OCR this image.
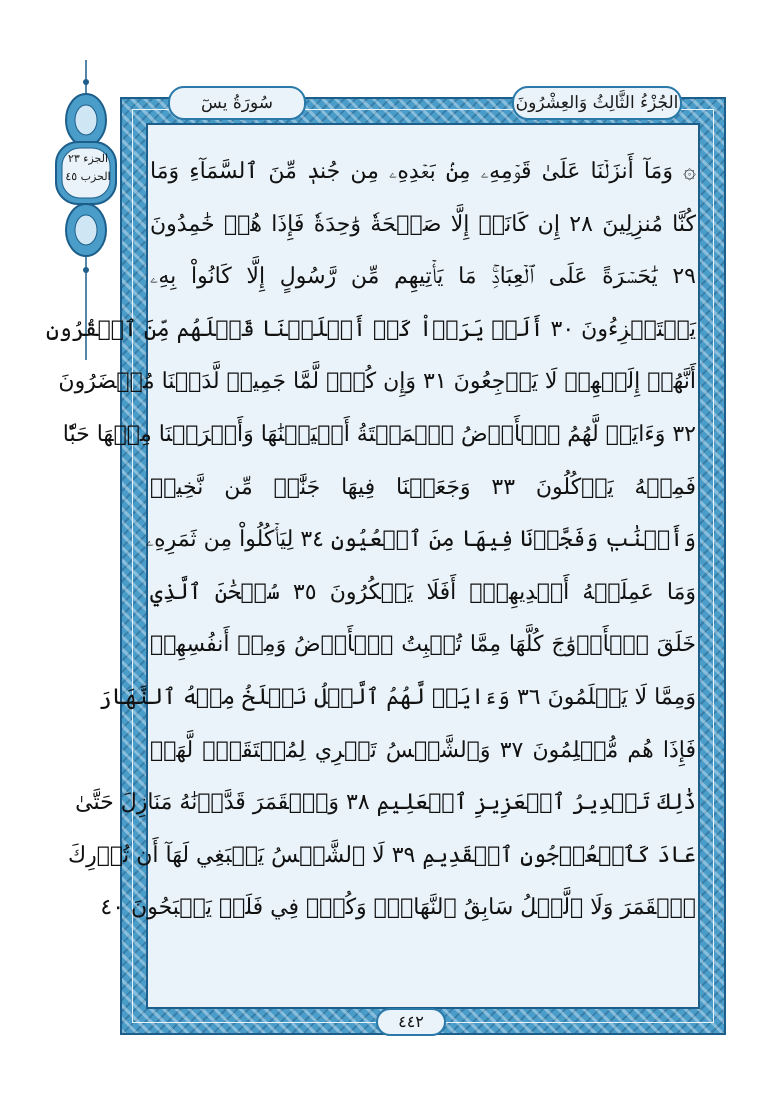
الجزء ٢٣
الحزب ٤٥
سُورَةُ يسٓ	الجُزْءُ الثَّالِثُ وَالعِشْرُونَ
۞ وَمَآ أَنزَلۡنَا عَلَىٰ قَوۡمِهِۦ مِنۢ بَعۡدِهِۦ مِن جُندٖ مِّنَ ٱلسَّمَآءِ وَمَا
كُنَّا مُنزِلِينَ ٢٨ إِن كَانَتۡ إِلَّا صَيۡحَةٗ وَٰحِدَةٗ فَإِذَا هُمۡ خَٰمِدُونَ
٢٩ يَٰحَسۡرَةً عَلَى ٱلۡعِبَادِۚ مَا يَأۡتِيهِم مِّن رَّسُولٍ إِلَّا كَانُواْ بِهِۦ
يَسۡتَهۡزِءُونَ ٣٠ أَلَمۡ يَرَوۡاْ كَمۡ أَهۡلَكۡنَا قَبۡلَهُم مِّنَ ٱلۡقُرُونِ
أَنَّهُمۡ إِلَيۡهِمۡ لَا يَرۡجِعُونَ ٣١ وَإِن كُلّٞ لَّمَّا جَمِيعٞ لَّدَيۡنَا مُحۡضَرُونَ
٣٢ وَءَايَةٞ لَّهُمُ ٱلۡأَرۡضُ ٱلۡمَيۡتَةُ أَحۡيَيۡنَٰهَا وَأَخۡرَجۡنَا مِنۡهَا حَبّٗا
فَمِنۡهُ يَأۡكُلُونَ ٣٣ وَجَعَلۡنَا فِيهَا جَنَّٰتٖ مِّن نَّخِيلٖ
وَأَعۡنَٰبٖ وَفَجَّرۡنَا فِيهَا مِنَ ٱلۡعُيُونِ ٣٤ لِيَأۡكُلُواْ مِن ثَمَرِهِۦ
وَمَا عَمِلَتۡهُ أَيۡدِيهِمۡۚ أَفَلَا يَشۡكُرُونَ ٣٥ سُبۡحَٰنَ ٱلَّذِي
خَلَقَ ٱلۡأَزۡوَٰجَ كُلَّهَا مِمَّا تُنۢبِتُ ٱلۡأَرۡضُ وَمِنۡ أَنفُسِهِمۡ
وَمِمَّا لَا يَعۡلَمُونَ ٣٦ وَءَايَةٞ لَّهُمُ ٱلَّيۡلُ نَسۡلَخُ مِنۡهُ ٱلنَّهَارَ
فَإِذَا هُم مُّظۡلِمُونَ ٣٧ وَٱلشَّمۡسُ تَجۡرِي لِمُسۡتَقَرّٖ لَّهَاۚ
ذَٰلِكَ تَقۡدِيرُ ٱلۡعَزِيزِ ٱلۡعَلِيمِ ٣٨ وَٱلۡقَمَرَ قَدَّرۡنَٰهُ مَنَازِلَ حَتَّىٰ
عَادَ كَٱلۡعُرۡجُونِ ٱلۡقَدِيمِ ٣٩ لَا ٱلشَّمۡسُ يَنۢبَغِي لَهَآ أَن تُدۡرِكَ
ٱلۡقَمَرَ وَلَا ٱلَّيۡلُ سَابِقُ ٱلنَّهَارِۚ وَكُلّٞ فِي فَلَكٖ يَسۡبَحُونَ ٤٠
٤٤٢
